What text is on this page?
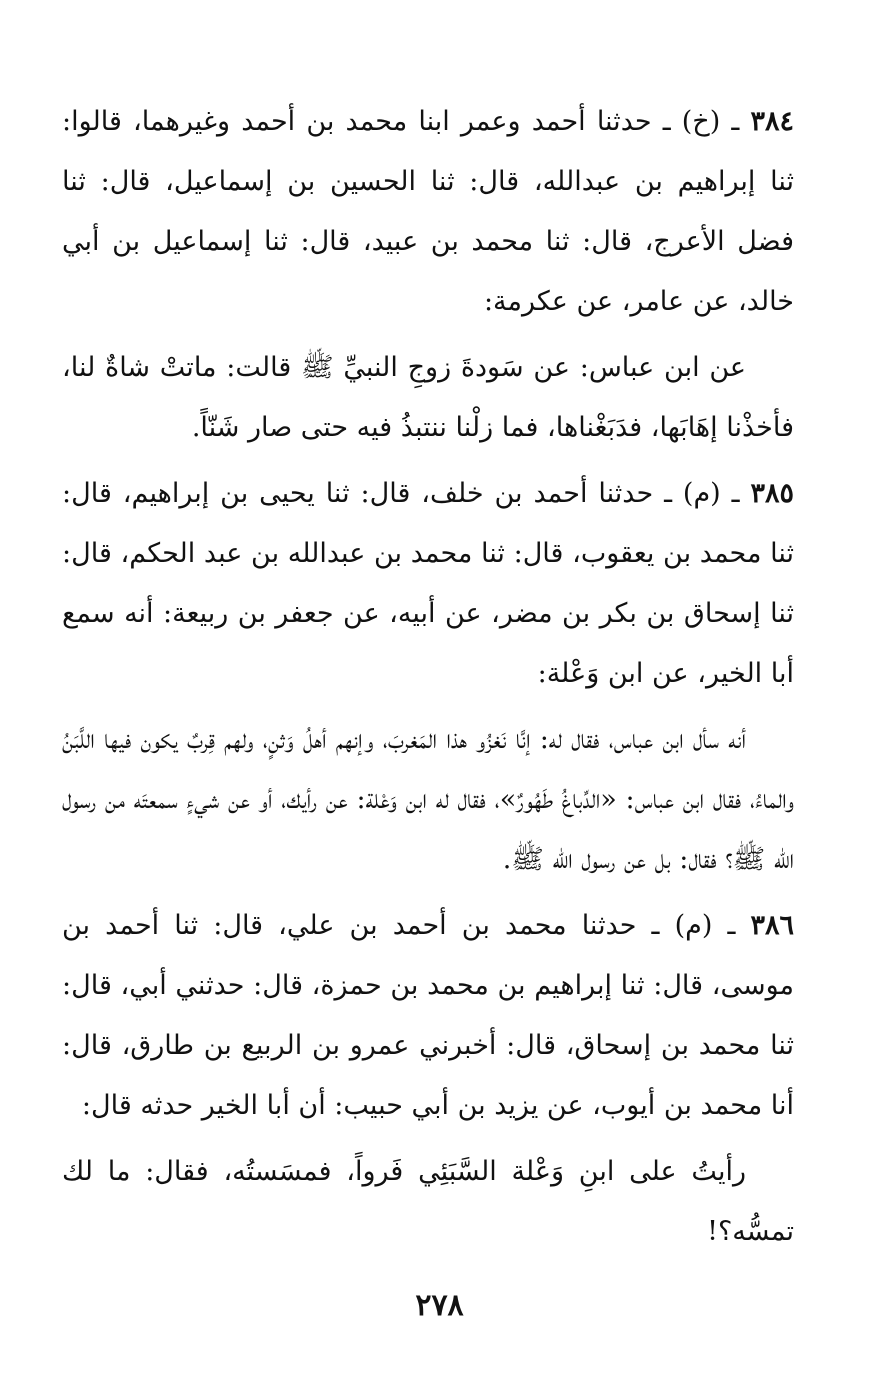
٣٨٤ ـ (خ) ـ حدثنا أحمد وعمر ابنا محمد بن أحمد وغيرهما، قالوا: ثنا إبراهيم بن عبدالله، قال: ثنا الحسين بن إسماعيل، قال: ثنا فضل الأعرج، قال: ثنا محمد بن عبيد، قال: ثنا إسماعيل بن أبي خالد، عن عامر، عن عكرمة:

عن ابن عباس: عن سَودةَ زوجِ النبيِّ ﷺ قالت: ماتتْ شاةٌ لنا، فأخذْنا إهَابَها، فدَبَغْناها، فما زلْنا ننتبذُ فيه حتى صار شَنّاً.

٣٨٥ ـ (م) ـ حدثنا أحمد بن خلف، قال: ثنا يحيى بن إبراهيم، قال: ثنا محمد بن يعقوب، قال: ثنا محمد بن عبدالله بن عبد الحكم، قال: ثنا إسحاق بن بكر بن مضر، عن أبيه، عن جعفر بن ربيعة: أنه سمع أبا الخير، عن ابن وَعْلة:

أنه سأل ابن عباس، فقال له: إنَّا نَغزُو هذا المَغربَ، وإنهم أهلُ وَثنٍ، ولهم قِربٌ يكون فيها اللَّبَنُ والماءُ، فقال ابن عباس: «الدِّباغُ طَهُورٌ»، فقال له ابن وَعْلة: عن رأيك، أو عن شيءٍ سمعتَه من رسول الله ﷺ؟ فقال: بل عن رسول الله ﷺ.

٣٨٦ ـ (م) ـ حدثنا محمد بن أحمد بن علي، قال: ثنا أحمد بن موسى، قال: ثنا إبراهيم بن محمد بن حمزة، قال: حدثني أبي، قال: ثنا محمد بن إسحاق، قال: أخبرني عمرو بن الربيع بن طارق، قال: أنا محمد بن أيوب، عن يزيد بن أبي حبيب: أن أبا الخير حدثه قال:

رأيتُ على ابنِ وَعْلة السَّبَئِي فَرواً، فمسَستُه، فقال: ما لك تمسُّه؟!

٢٧٨
